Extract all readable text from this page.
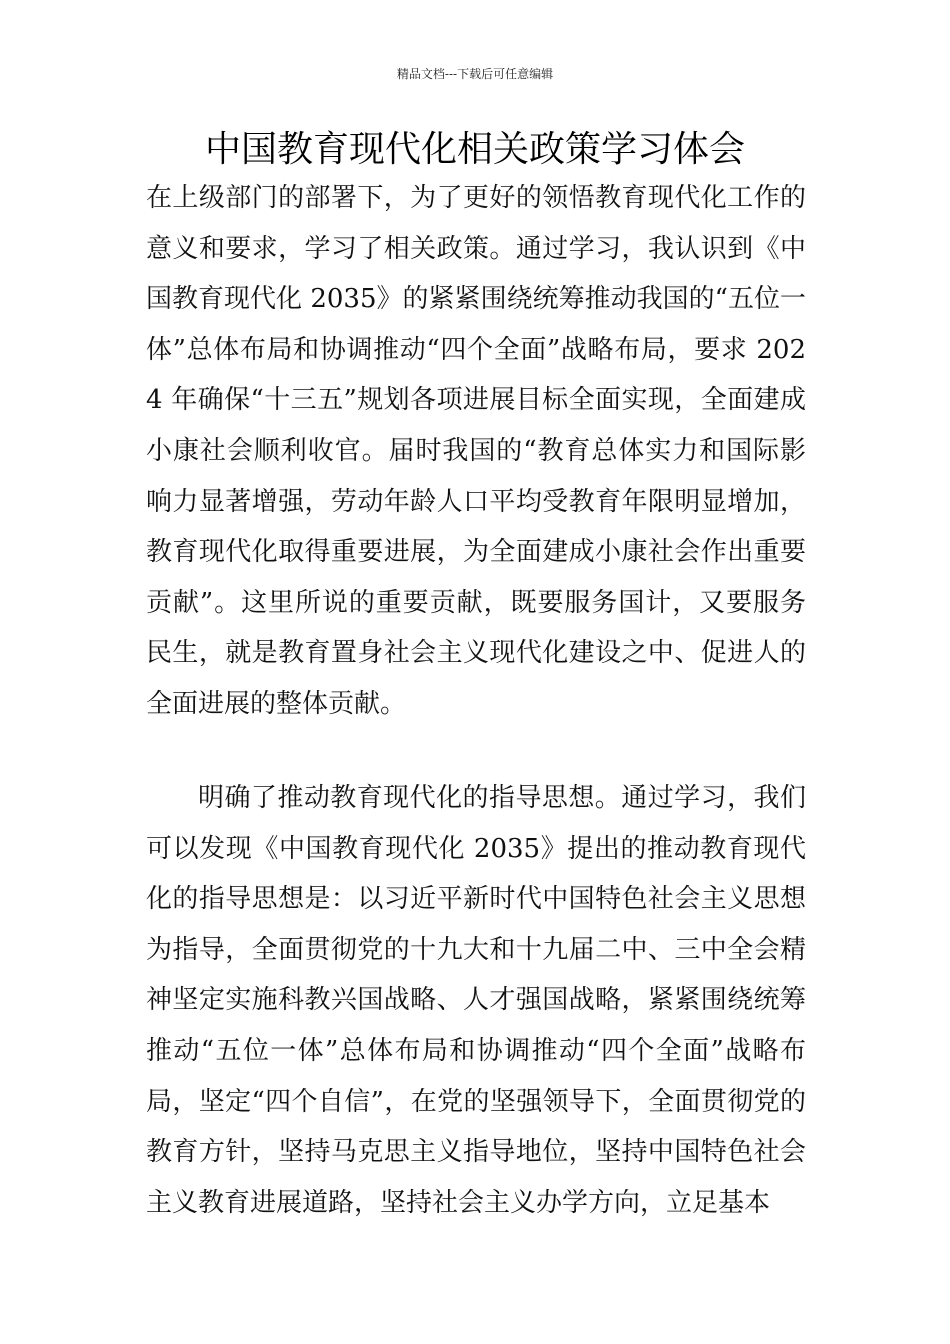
精品文档---下载后可任意编辑
中国教育现代化相关政策学习体会

在上级部门的部署下，为了更好的领悟教育现代化工作的意义和要求，学习了相关政策。通过学习，我认识到《中国教育现代化 2035》的紧紧围绕统筹推动我国的“五位一体”总体布局和协调推动“四个全面”战略布局，要求 2024 年确保“十三五”规划各项进展目标全面实现，全面建成小康社会顺利收官。届时我国的“教育总体实力和国际影响力显著增强，劳动年龄人口平均受教育年限明显增加，教育现代化取得重要进展，为全面建成小康社会作出重要贡献”。这里所说的重要贡献，既要服务国计，又要服务民生，就是教育置身社会主义现代化建设之中、促进人的全面进展的整体贡献。

明确了推动教育现代化的指导思想。通过学习，我们可以发现《中国教育现代化 2035》提出的推动教育现代化的指导思想是：以习近平新时代中国特色社会主义思想为指导，全面贯彻党的十九大和十九届二中、三中全会精神坚定实施科教兴国战略、人才强国战略，紧紧围绕统筹推动“五位一体”总体布局和协调推动“四个全面”战略布局，坚定“四个自信”，在党的坚强领导下，全面贯彻党的教育方针，坚持马克思主义指导地位，坚持中国特色社会主义教育进展道路，坚持社会主义办学方向，立足基本
